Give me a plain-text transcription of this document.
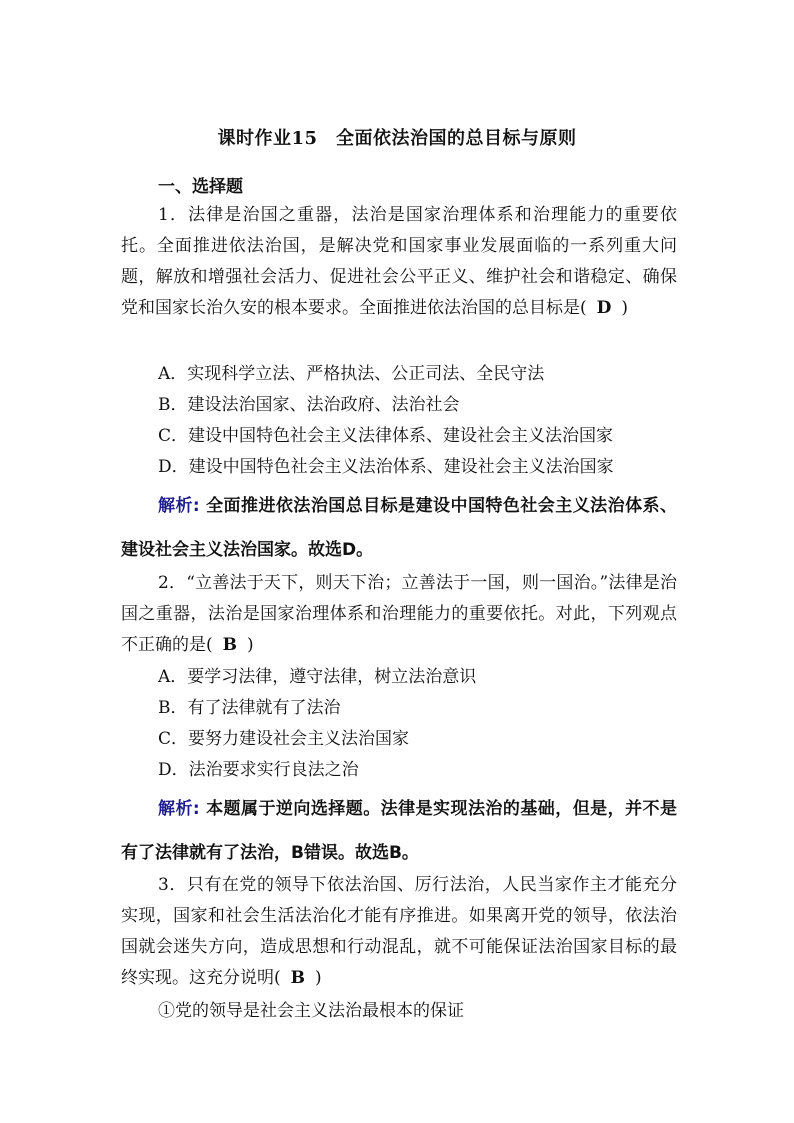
课时作业15　全面依法治国的总目标与原则
一、选择题

1．法律是治国之重器，法治是国家治理体系和治理能力的重要依托。全面推进依法治国，是解决党和国家事业发展面临的一系列重大问题，解放和增强社会活力、促进社会公平正义、维护社会和谐稳定、确保党和国家长治久安的根本要求。全面推进依法治国的总目标是( D )

A．实现科学立法、严格执法、公正司法、全民守法
B．建设法治国家、法治政府、法治社会
C．建设中国特色社会主义法律体系、建设社会主义法治国家
D．建设中国特色社会主义法治体系、建设社会主义法治国家

解析: 全面推进依法治国总目标是建设中国特色社会主义法治体系、建设社会主义法治国家。故选D。

2．“立善法于天下，则天下治；立善法于一国，则一国治。”法律是治国之重器，法治是国家治理体系和治理能力的重要依托。对此，下列观点不正确的是( B )

A．要学习法律，遵守法律，树立法治意识
B．有了法律就有了法治
C．要努力建设社会主义法治国家
D．法治要求实行良法之治

解析: 本题属于逆向选择题。法律是实现法治的基础，但是，并不是有了法律就有了法治，B错误。故选B。

3．只有在党的领导下依法治国、厉行法治，人民当家作主才能充分实现，国家和社会生活法治化才能有序推进。如果离开党的领导，依法治国就会迷失方向，造成思想和行动混乱，就不可能保证法治国家目标的最终实现。这充分说明( B )

①党的领导是社会主义法治最根本的保证
